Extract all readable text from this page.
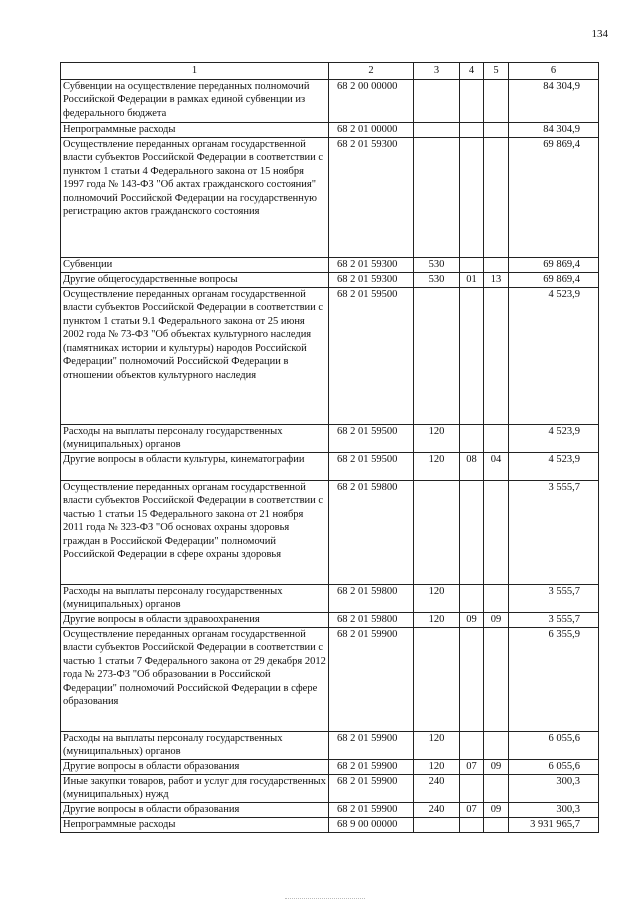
134
1	2	3	4	5	6
Субвенции на осуществление переданных полномочий Российской Федерации в рамках единой субвенции из федерального бюджета	68 2 00 00000				84 304,9
Непрограммные расходы	68 2 01 00000				84 304,9
Осуществление переданных органам государственной власти субъектов Российской Федерации в соответствии с пунктом 1 статьи 4 Федерального закона от 15 ноября 1997 года № 143-ФЗ "Об актах гражданского состояния" полномочий Российской Федерации на государственную регистрацию актов гражданского состояния	68 2 01 59300				69 869,4
Субвенции	68 2 01 59300	530			69 869,4
Другие общегосударственные вопросы	68 2 01 59300	530	01	13	69 869,4
Осуществление переданных органам государственной власти субъектов Российской Федерации в соответствии с пунктом 1 статьи 9.1 Федерального закона от 25 июня 2002 года № 73-ФЗ "Об объектах культурного наследия (памятниках истории и культуры) народов Российской Федерации" полномочий Российской Федерации в отношении объектов культурного наследия	68 2 01 59500				4 523,9
Расходы на выплаты персоналу государственных (муниципальных) органов	68 2 01 59500	120			4 523,9
Другие вопросы в области культуры, кинематографии	68 2 01 59500	120	08	04	4 523,9
Осуществление переданных органам государственной власти субъектов Российской Федерации в соответствии с частью 1 статьи 15 Федерального закона от 21 ноября 2011 года № 323-ФЗ "Об основах охраны здоровья граждан в Российской Федерации" полномочий Российской Федерации в сфере охраны здоровья	68 2 01 59800				3 555,7
Расходы на выплаты персоналу государственных (муниципальных) органов	68 2 01 59800	120			3 555,7
Другие вопросы в области здравоохранения	68 2 01 59800	120	09	09	3 555,7
Осуществление переданных органам государственной власти субъектов Российской Федерации в соответствии с частью 1 статьи 7 Федерального закона от 29 декабря 2012 года № 273-ФЗ "Об образовании в Российской Федерации" полномочий Российской Федерации в сфере образования	68 2 01 59900				6 355,9
Расходы на выплаты персоналу государственных (муниципальных) органов	68 2 01 59900	120			6 055,6
Другие вопросы в области образования	68 2 01 59900	120	07	09	6 055,6
Иные закупки товаров, работ и услуг для государственных (муниципальных) нужд	68 2 01 59900	240			300,3
Другие вопросы в области образования	68 2 01 59900	240	07	09	300,3
Непрограммные расходы	68 9 00 00000				3 931 965,7
